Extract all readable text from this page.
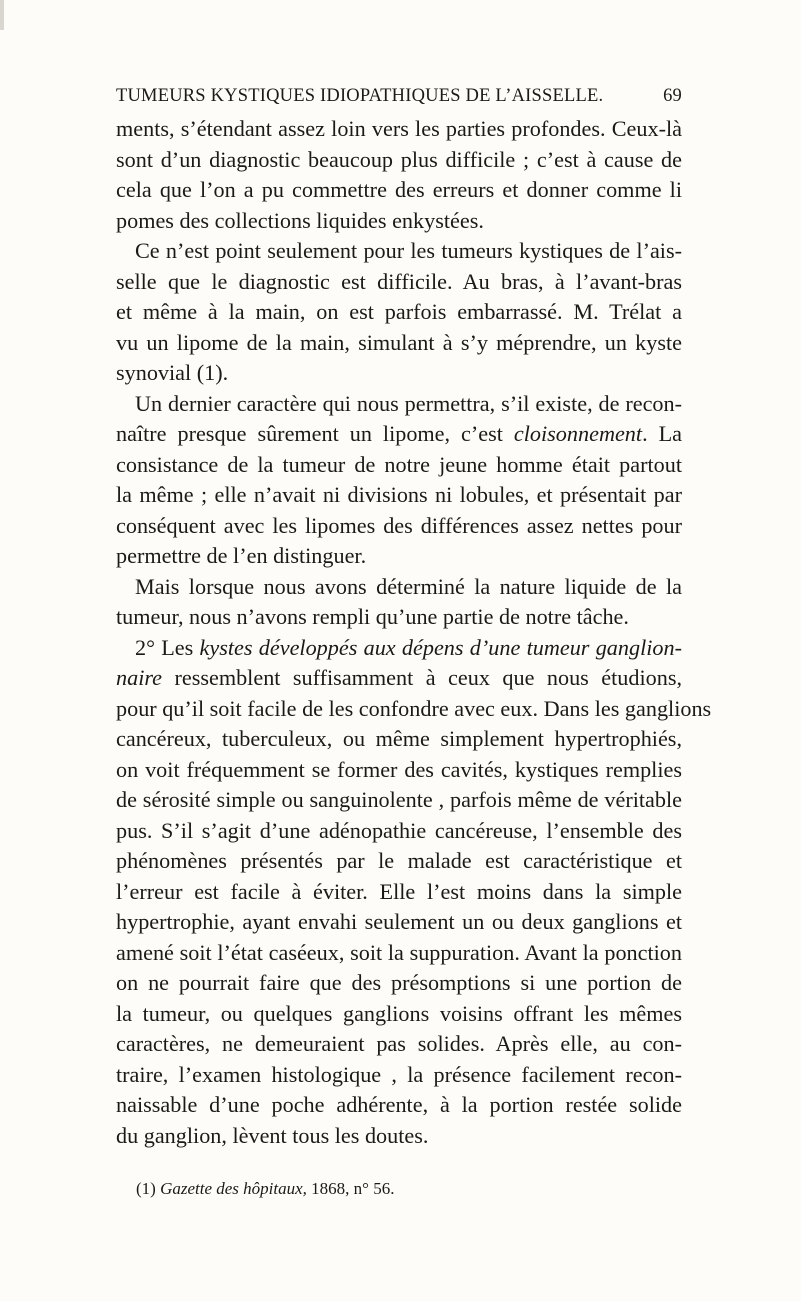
TUMEURS KYSTIQUES IDIOPATHIQUES DE L’AISSELLE.	69
ments, s’étendant assez loin vers les parties profondes. Ceux-là
sont d’un diagnostic beaucoup plus difficile ; c’est à cause de
cela que l’on a pu commettre des erreurs et donner comme li
pomes des collections liquides enkystées.
Ce n’est point seulement pour les tumeurs kystiques de l’ais-
selle que le diagnostic est difficile. Au bras, à l’avant-bras
et même à la main, on est parfois embarrassé. M. Trélat a
vu un lipome de la main, simulant à s’y méprendre, un kyste
synovial (1).
Un dernier caractère qui nous permettra, s’il existe, de recon-
naître presque sûrement un lipome, c’est cloisonnement. La
consistance de la tumeur de notre jeune homme était partout
la même ; elle n’avait ni divisions ni lobules, et présentait par
conséquent avec les lipomes des différences assez nettes pour
permettre de l’en distinguer.
Mais lorsque nous avons déterminé la nature liquide de la
tumeur, nous n’avons rempli qu’une partie de notre tâche.
2° Les kystes développés aux dépens d’une tumeur ganglion-
naire ressemblent suffisamment à ceux que nous étudions,
pour qu’il soit facile de les confondre avec eux. Dans les ganglions
cancéreux, tuberculeux, ou même simplement hypertrophiés,
on voit fréquemment se former des cavités, kystiques remplies
de sérosité simple ou sanguinolente , parfois même de véritable
pus. S’il s’agit d’une adénopathie cancéreuse, l’ensemble des
phénomènes présentés par le malade est caractéristique et
l’erreur est facile à éviter. Elle l’est moins dans la simple
hypertrophie, ayant envahi seulement un ou deux ganglions et
amené soit l’état caséeux, soit la suppuration. Avant la ponction
on ne pourrait faire que des présomptions si une portion de
la tumeur, ou quelques ganglions voisins offrant les mêmes
caractères, ne demeuraient pas solides. Après elle, au con-
traire, l’examen histologique , la présence facilement recon-
naissable d’une poche adhérente, à la portion restée solide
du ganglion, lèvent tous les doutes.
(1) Gazette des hôpitaux, 1868, n° 56.
